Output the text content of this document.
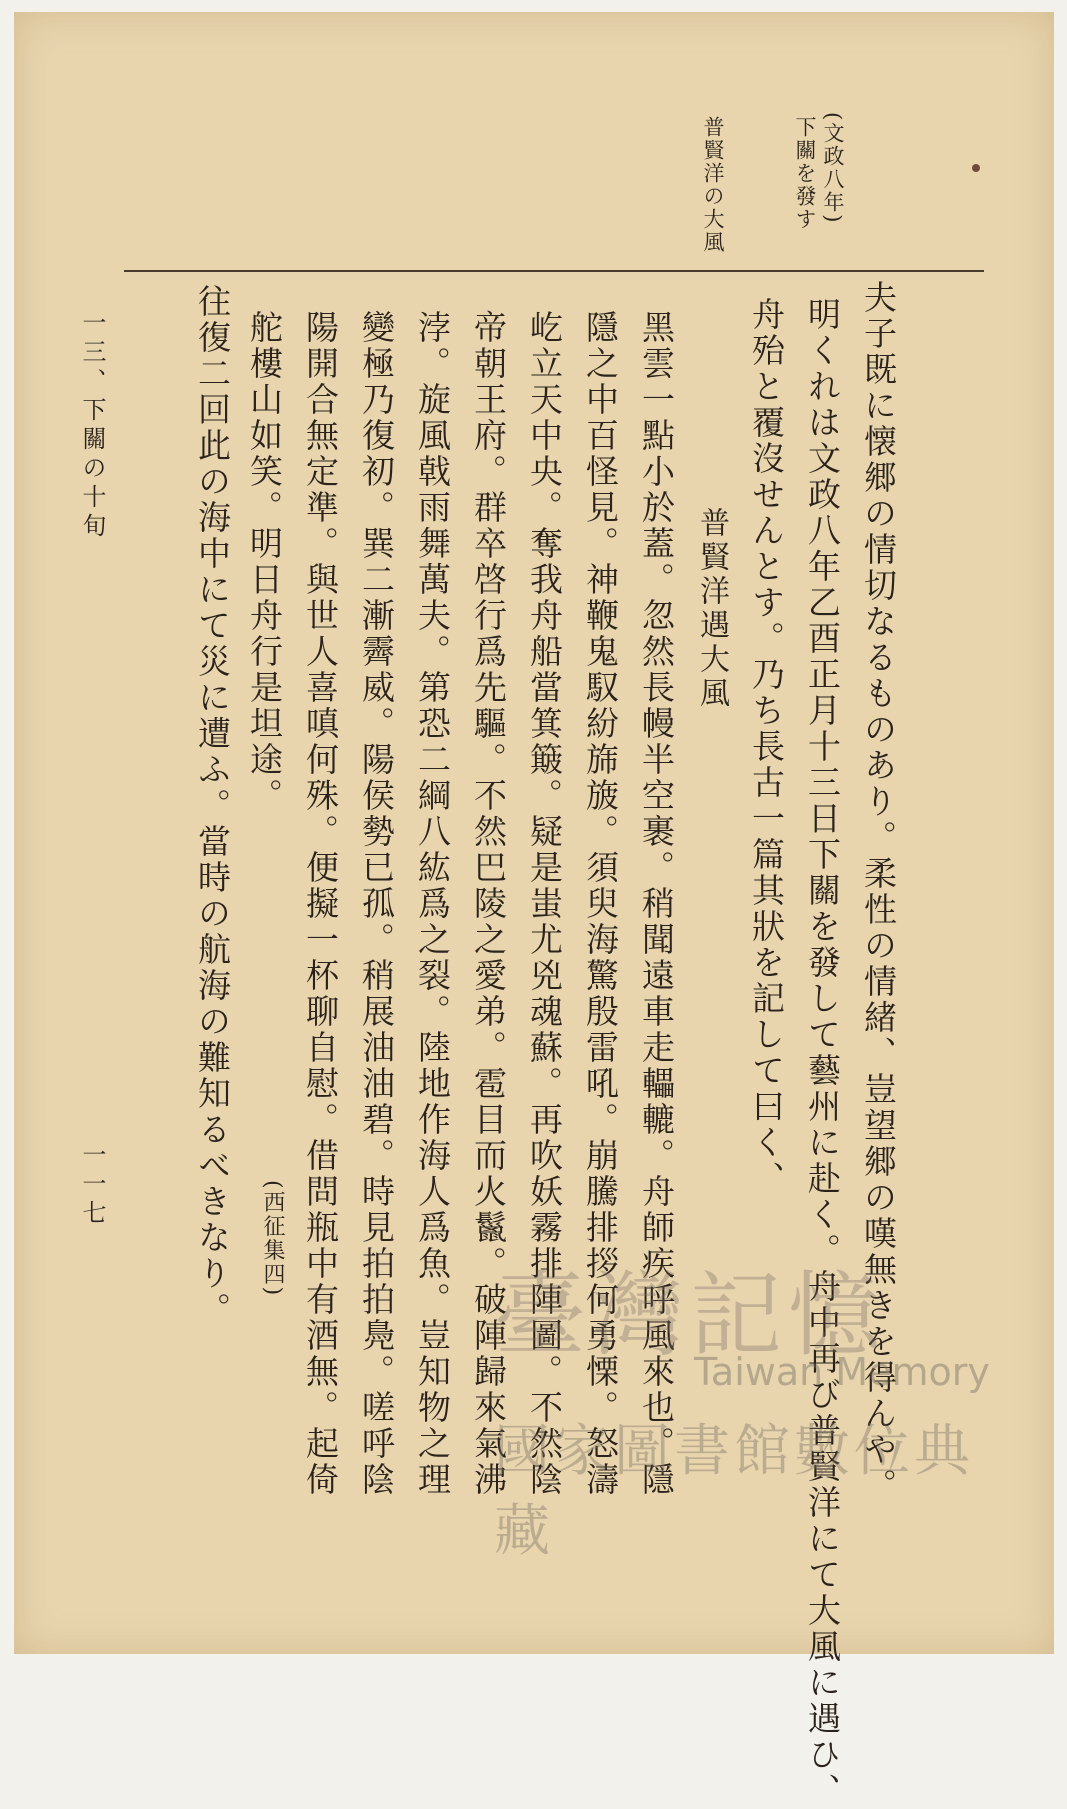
(文政八年)
下關を發す
普賢洋の大風
夫子既に懐郷の情切なるものあり。柔性の情緒、豈望郷の嘆無きを得んや。
明くれは文政八年乙酉正月十三日下關を發して藝州に赴く。舟中再び普賢洋にて大風に遇ひ、
舟殆と覆沒せんとす。乃ち長古一篇其狀を記して曰く、
普賢洋遇大風
黑雲一點小於蓋。忽然長幔半空裹。稍聞遠車走轠轆。舟師疾呼風來也。隱
隱之中百怪見。神鞭鬼馭紛旆旇。須臾海驚殷雷吼。崩騰排拶何勇慄。怒濤
屹立天中央。奪我舟船當箕簸。疑是蚩尤兇魂蘇。再吹妖霧排陣圖。不然陰
帝朝王府。群卒啓行爲先驅。不然巴陵之愛弟。雹目而火鬣。破陣歸來氣沸
浡。旋風戟雨舞萬夫。第恐二綱八紘爲之裂。陸地作海人爲魚。豈知物之理
變極乃復初。巽二漸霽威。陽侯勢已孤。稍展油油碧。時見拍拍鳧。嗟呼陰
陽開合無定準。與世人喜嗔何殊。便擬一杯聊自慰。借問瓶中有酒無。起倚
舵樓山如笑。明日舟行是坦途。
(西征集四)
往復二回此の海中にて災に遭ふ。當時の航海の難知るべきなり。
一三、下關の十旬
一一七
臺灣記憶
Taiwan Memory
國家圖書館數位典藏
